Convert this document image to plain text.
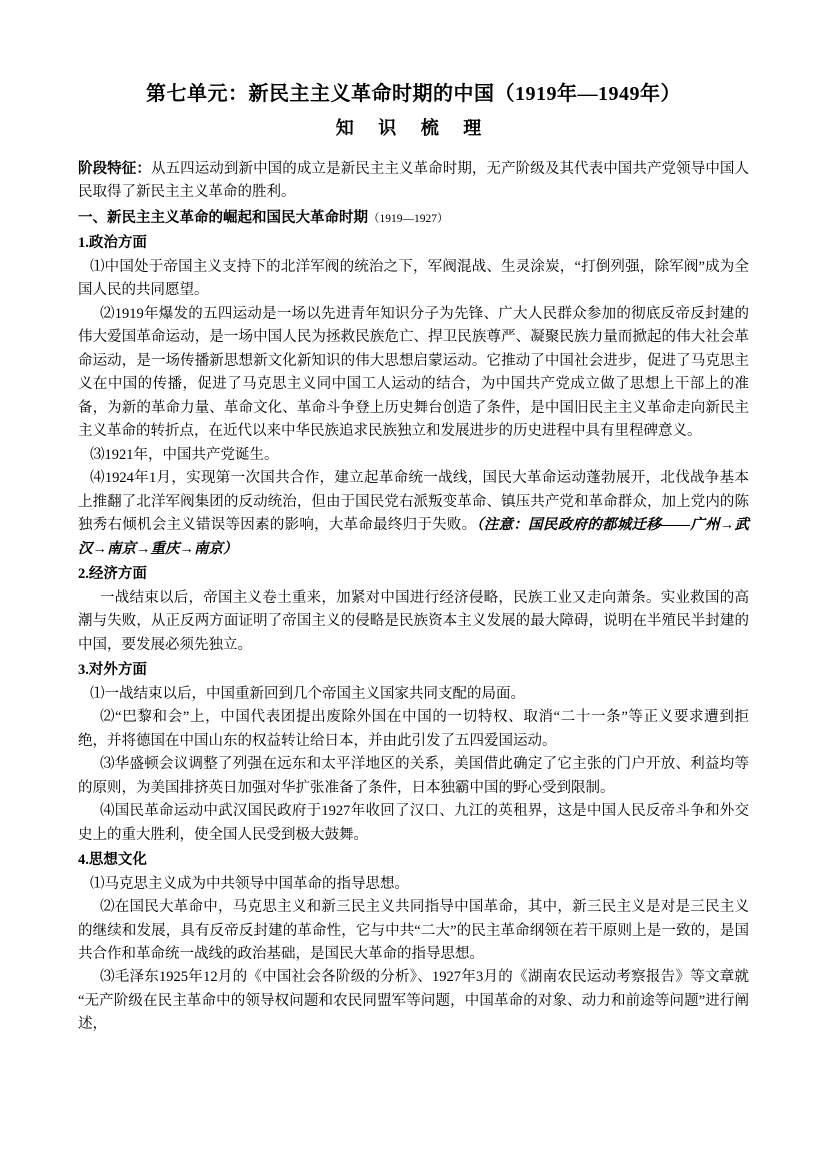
第七单元：新民主主义革命时期的中国（1919年—1949年）
知 识 梳 理

阶段特征：从五四运动到新中国的成立是新民主主义革命时期，无产阶级及其代表中国共产党领导中国人民取得了新民主主义革命的胜利。

一、新民主主义革命的崛起和国民大革命时期（1919—1927）

1.政治方面

⑴中国处于帝国主义支持下的北洋军阀的统治之下，军阀混战、生灵涂炭，“打倒列强，除军阀”成为全国人民的共同愿望。

⑵1919年爆发的五四运动是一场以先进青年知识分子为先锋、广大人民群众参加的彻底反帝反封建的伟大爱国革命运动，是一场中国人民为拯救民族危亡、捍卫民族尊严、凝聚民族力量而掀起的伟大社会革命运动，是一场传播新思想新文化新知识的伟大思想启蒙运动。它推动了中国社会进步，促进了马克思主义在中国的传播，促进了马克思主义同中国工人运动的结合，为中国共产党成立做了思想上干部上的准备，为新的革命力量、革命文化、革命斗争登上历史舞台创造了条件，是中国旧民主主义革命走向新民主主义革命的转折点，在近代以来中华民族追求民族独立和发展进步的历史进程中具有里程碑意义。

⑶1921年，中国共产党诞生。

⑷1924年1月，实现第一次国共合作，建立起革命统一战线，国民大革命运动蓬勃展开，北伐战争基本上推翻了北洋军阀集团的反动统治，但由于国民党右派叛变革命、镇压共产党和革命群众，加上党内的陈独秀右倾机会主义错误等因素的影响，大革命最终归于失败。（注意：国民政府的都城迁移——广州→武汉→南京→重庆→南京）

2.经济方面

一战结束以后，帝国主义卷土重来，加紧对中国进行经济侵略，民族工业又走向萧条。实业救国的高潮与失败，从正反两方面证明了帝国主义的侵略是民族资本主义发展的最大障碍，说明在半殖民半封建的中国，要发展必须先独立。

3.对外方面

⑴一战结束以后，中国重新回到几个帝国主义国家共同支配的局面。

⑵“巴黎和会”上，中国代表团提出废除外国在中国的一切特权、取消“二十一条”等正义要求遭到拒绝，并将德国在中国山东的权益转让给日本，并由此引发了五四爱国运动。

⑶华盛顿会议调整了列强在远东和太平洋地区的关系，美国借此确定了它主张的门户开放、利益均等的原则，为美国排挤英日加强对华扩张准备了条件，日本独霸中国的野心受到限制。

⑷国民革命运动中武汉国民政府于1927年收回了汉口、九江的英租界，这是中国人民反帝斗争和外交史上的重大胜利，使全国人民受到极大鼓舞。

4.思想文化

⑴马克思主义成为中共领导中国革命的指导思想。

⑵在国民大革命中，马克思主义和新三民主义共同指导中国革命，其中，新三民主义是对是三民主义的继续和发展，具有反帝反封建的革命性，它与中共“二大”的民主革命纲领在若干原则上是一致的，是国共合作和革命统一战线的政治基础，是国民大革命的指导思想。

⑶毛泽东1925年12月的《中国社会各阶级的分析》、1927年3月的《湖南农民运动考察报告》等文章就“无产阶级在民主革命中的领导权问题和农民同盟军等问题，中国革命的对象、动力和前途等问题”进行阐述，
